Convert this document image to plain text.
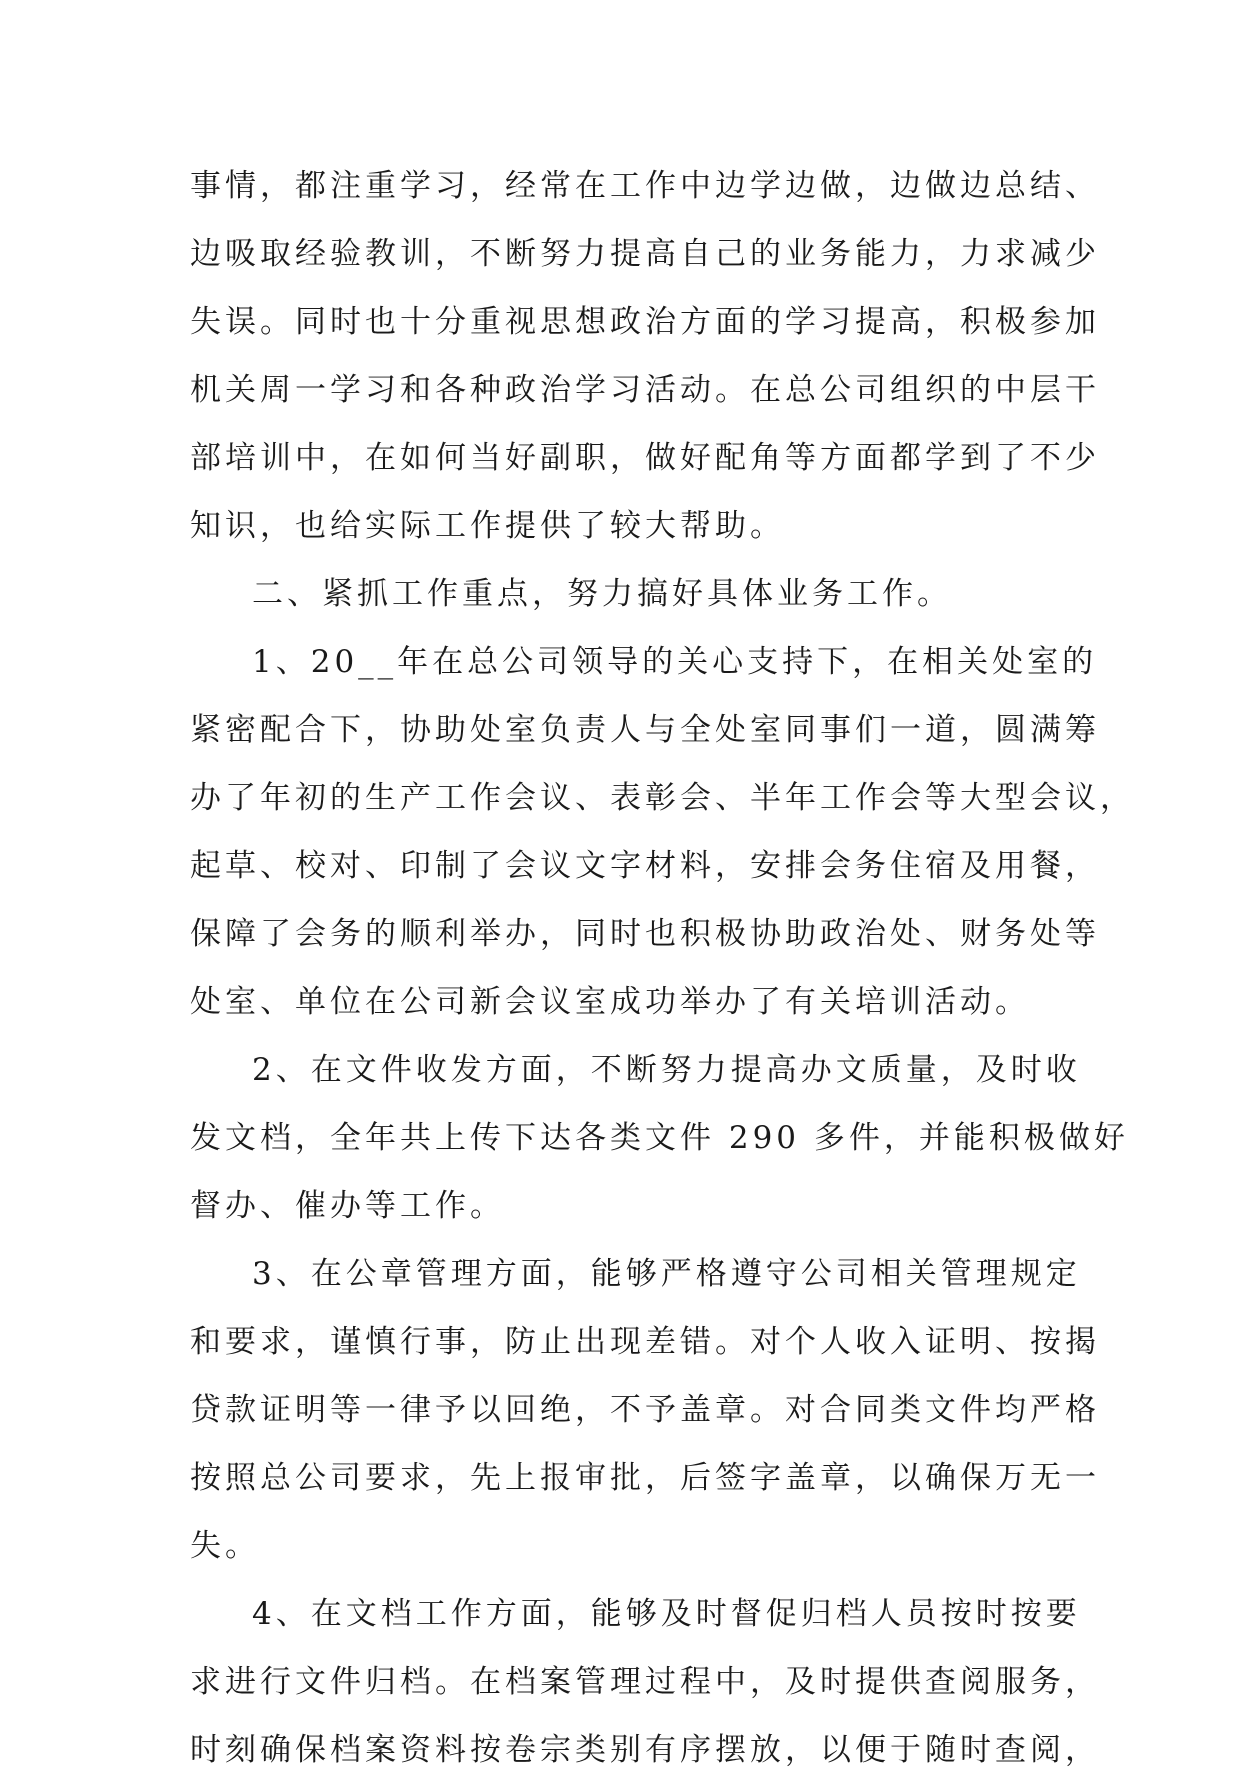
事情，都注重学习，经常在工作中边学边做，边做边总结、
边吸取经验教训，不断努力提高自己的业务能力，力求减少
失误。同时也十分重视思想政治方面的学习提高，积极参加
机关周一学习和各种政治学习活动。在总公司组织的中层干
部培训中，在如何当好副职，做好配角等方面都学到了不少
知识，也给实际工作提供了较大帮助。
二、紧抓工作重点，努力搞好具体业务工作。
1、20__年在总公司领导的关心支持下，在相关处室的
紧密配合下，协助处室负责人与全处室同事们一道，圆满筹
办了年初的生产工作会议、表彰会、半年工作会等大型会议，
起草、校对、印制了会议文字材料，安排会务住宿及用餐，
保障了会务的顺利举办，同时也积极协助政治处、财务处等
处室、单位在公司新会议室成功举办了有关培训活动。
2、在文件收发方面，不断努力提高办文质量，及时收
发文档，全年共上传下达各类文件 290 多件，并能积极做好
督办、催办等工作。
3、在公章管理方面，能够严格遵守公司相关管理规定
和要求，谨慎行事，防止出现差错。对个人收入证明、按揭
贷款证明等一律予以回绝，不予盖章。对合同类文件均严格
按照总公司要求，先上报审批，后签字盖章，以确保万无一
失。
4、在文档工作方面，能够及时督促归档人员按时按要
求进行文件归档。在档案管理过程中，及时提供查阅服务，
时刻确保档案资料按卷宗类别有序摆放，以便于随时查阅，
